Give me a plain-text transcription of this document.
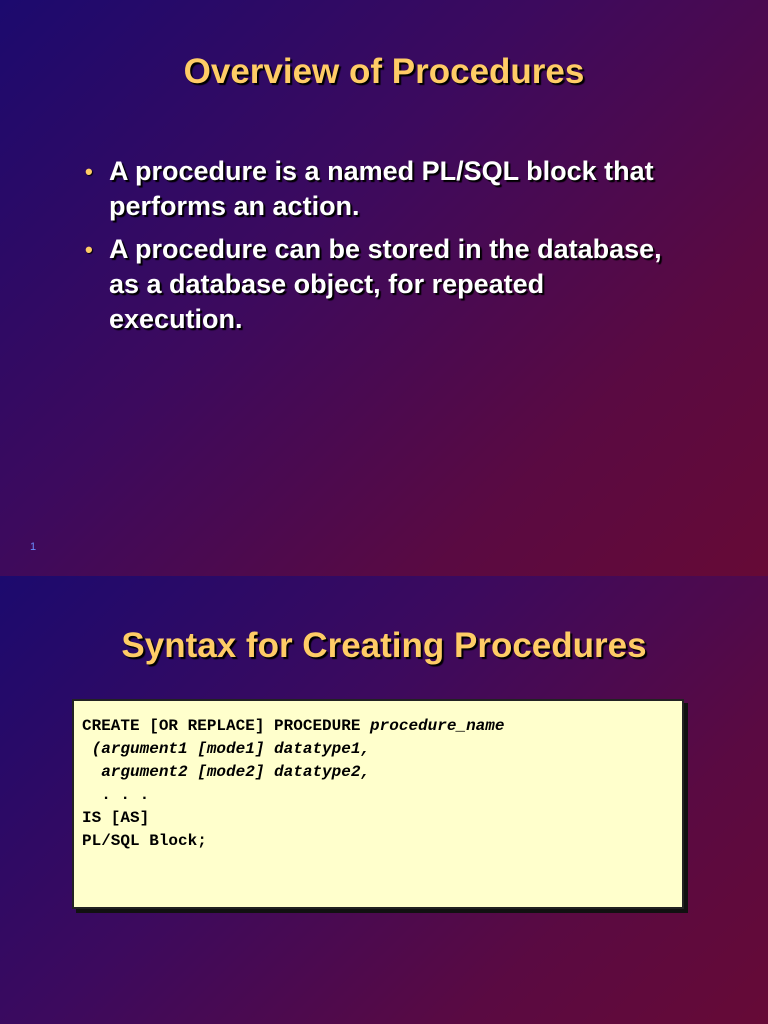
Overview of Procedures
• A procedure is a named PL/SQL block that performs an action.
• A procedure can be stored in the database, as a database object, for repeated execution.
1
Syntax for Creating Procedures
CREATE [OR REPLACE] PROCEDURE procedure_name
(argument1 [mode1] datatype1,
argument2 [mode2] datatype2,
. . .
IS [AS]
PL/SQL Block;
